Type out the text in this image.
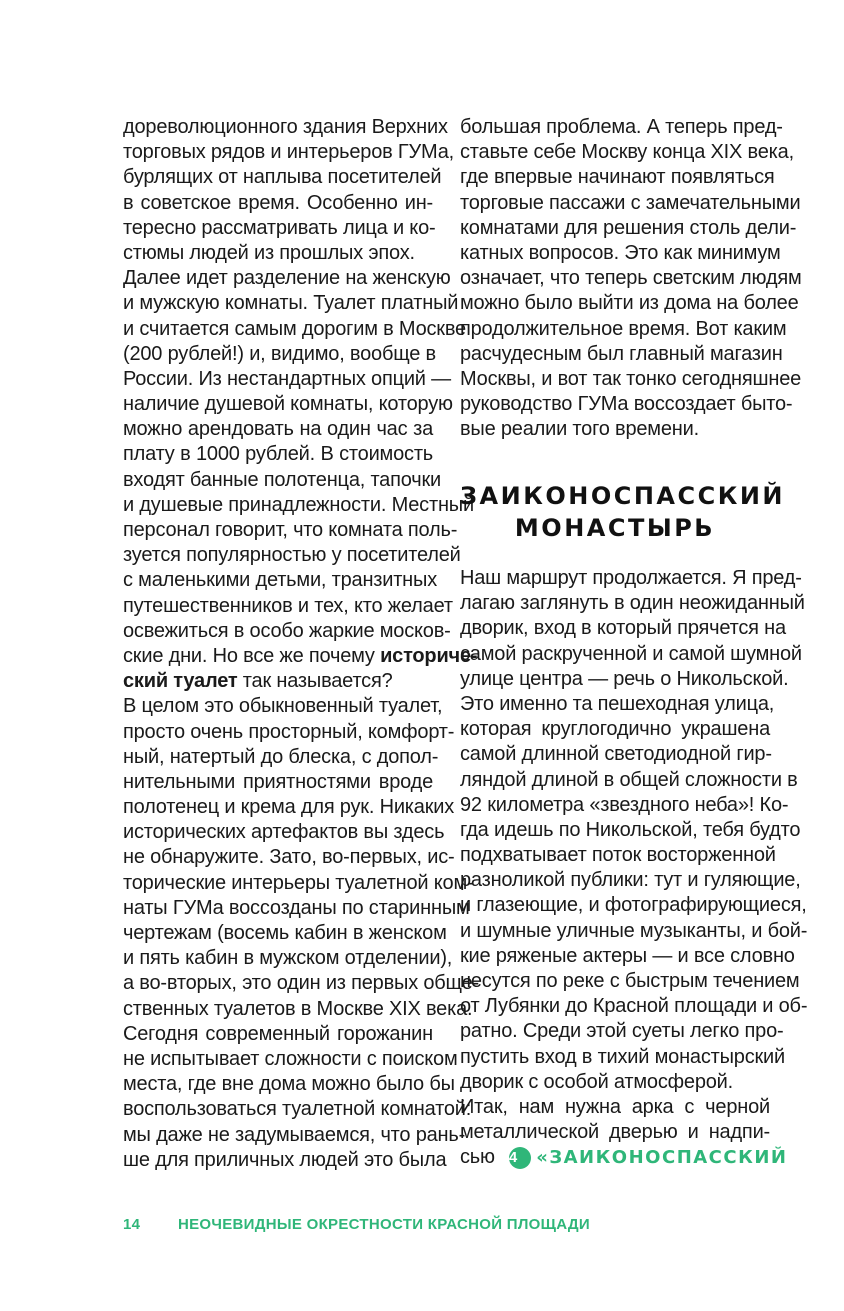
дореволюционного здания Верхних
торговых рядов и интерьеров ГУМа,
бурлящих от наплыва посетителей
в советское время. Особенно ин-
тересно рассматривать лица и ко-
стюмы людей из прошлых эпох.
Далее идет разделение на женскую
и мужскую комнаты. Туалет платный
и считается самым дорогим в Москве
(200 рублей!) и, видимо, вообще в
России. Из нестандартных опций —
наличие душевой комнаты, которую
можно арендовать на один час за
плату в 1000 рублей. В стоимость
входят банные полотенца, тапочки
и душевые принадлежности. Местный
персонал говорит, что комната поль-
зуется популярностью у посетителей
с маленькими детьми, транзитных
путешественников и тех, кто желает
освежиться в особо жаркие москов-
ские дни. Но все же почему историче-
ский туалет так называется?
В целом это обыкновенный туалет,
просто очень просторный, комфорт-
ный, натертый до блеска, с допол-
нительными приятностями вроде
полотенец и крема для рук. Никаких
исторических артефактов вы здесь
не обнаружите. Зато, во-первых, ис-
торические интерьеры туалетной ком-
наты ГУМа воссозданы по старинным
чертежам (восемь кабин в женском
и пять кабин в мужском отделении),
а во-вторых, это один из первых обще-
ственных туалетов в Москве XIX века.
Сегодня современный горожанин
не испытывает сложности с поиском
места, где вне дома можно было бы
воспользоваться туалетной комнатой:
мы даже не задумываемся, что рань-
ше для приличных людей это была
большая проблема. А теперь пред-
ставьте себе Москву конца XIX века,
где впервые начинают появляться
торговые пассажи с замечательными
комнатами для решения столь дели-
катных вопросов. Это как минимум
означает, что теперь светским людям
можно было выйти из дома на более
продолжительное время. Вот каким
расчудесным был главный магазин
Москвы, и вот так тонко сегодняшнее
руководство ГУМа воссоздает быто-
вые реалии того времени.
ЗАИКОНОСПАССКИЙ
МОНАСТЫРЬ
Наш маршрут продолжается. Я пред-
лагаю заглянуть в один неожиданный
дворик, вход в который прячется на
самой раскрученной и самой шумной
улице центра — речь о Никольской.
Это именно та пешеходная улица,
которая круглогодично украшена
самой длинной светодиодной гир-
ляндой длиной в общей сложности в
92 километра «звездного неба»! Ко-
гда идешь по Никольской, тебя будто
подхватывает поток восторженной
разноликой публики: тут и гуляющие,
и глазеющие, и фотографирующиеся,
и шумные уличные музыканты, и бой-
кие ряженые актеры — и все словно
несутся по реке с быстрым течением
от Лубянки до Красной площади и об-
ратно. Среди этой суеты легко про-
пустить вход в тихий монастырский
дворик с особой атмосферой.
Итак, нам нужна арка с черной
металлической дверью и надпи-
сью 4 «ЗАИКОНОСПАССКИЙ
14	НЕОЧЕВИДНЫЕ ОКРЕСТНОСТИ КРАСНОЙ ПЛОЩАДИ
